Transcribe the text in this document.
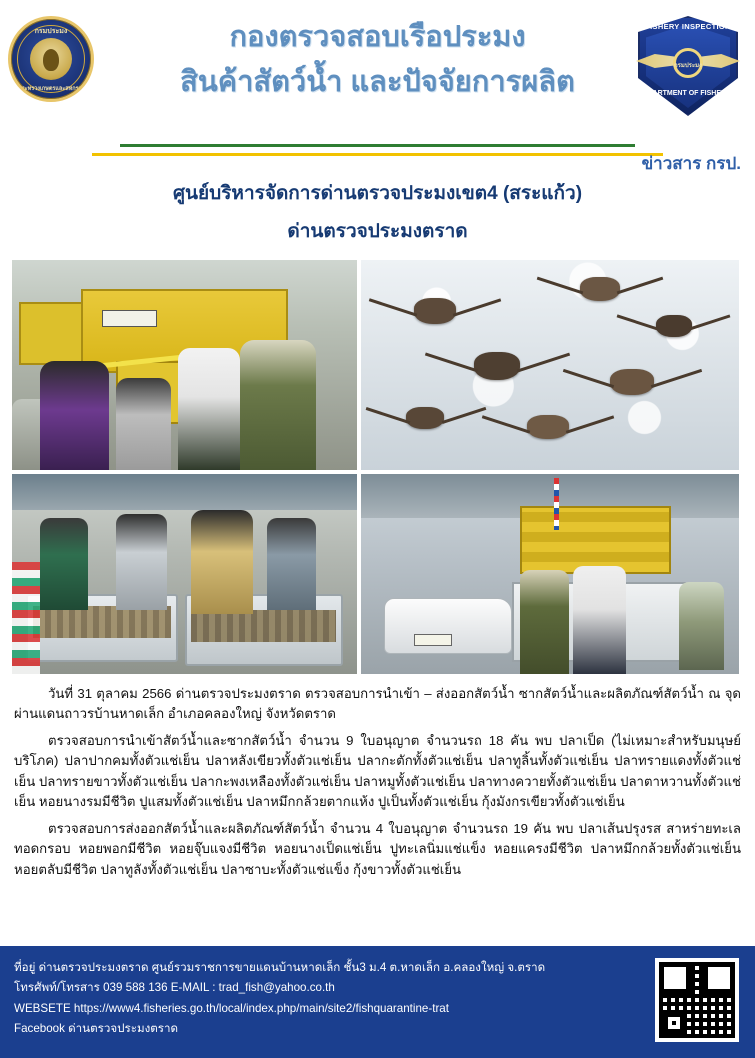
กรมประมง
กระทรวงเกษตรและสหกรณ์
กองตรวจสอบเรือประมง
สินค้าสัตว์น้ำ และปัจจัยการผลิต
FISHERY INSPECTION
กรมประมง
DEPARTMENT OF FISHERIES
ข่าวสาร กรป.
ศูนย์บริหารจัดการด่านตรวจประมงเขต4 (สระแก้ว)
ด่านตรวจประมงตราด

วันที่ 31 ตุลาคม 2566 ด่านตรวจประมงตราด ตรวจสอบการนำเข้า – ส่งออกสัตว์น้ำ ซากสัตว์น้ำและผลิตภัณฑ์สัตว์น้ำ ณ จุดผ่านแดนถาวรบ้านหาดเล็ก อำเภอคลองใหญ่ จังหวัดตราด

ตรวจสอบการนำเข้าสัตว์น้ำและซากสัตว์น้ำ จำนวน 9 ใบอนุญาต จำนวนรถ 18 คัน พบ ปลาเป็ด (ไม่เหมาะสำหรับมนุษย์บริโภค) ปลาปากคมทั้งตัวแช่เย็น ปลาหลังเขียวทั้งตัวแช่เย็น ปลากะตักทั้งตัวแช่เย็น ปลาทูลิ้นทั้งตัวแช่เย็น ปลาทรายแดงทั้งตัวแช่เย็น ปลาทรายขาวทั้งตัวแช่เย็น ปลากะพงเหลืองทั้งตัวแช่เย็น ปลาหมูทั้งตัวแช่เย็น ปลาทางควายทั้งตัวแช่เย็น ปลาตาหวานทั้งตัวแช่เย็น หอยนางรมมีชีวิต ปูแสมทั้งตัวแช่เย็น ปลาหมึกกล้วยตากแห้ง ปูเป็นทั้งตัวแช่เย็น กุ้งมังกรเขียวทั้งตัวแช่เย็น

ตรวจสอบการส่งออกสัตว์น้ำและผลิตภัณฑ์สัตว์น้ำ จำนวน 4 ใบอนุญาต จำนวนรถ 19 คัน พบ ปลาเส้นปรุงรส สาหร่ายทะเลทอดกรอบ หอยพอกมีชีวิต หอยจุ๊บแจงมีชีวิต หอยนางเป็ดแช่เย็น ปูทะเลนิ่มแช่แข็ง หอยแครงมีชีวิต ปลาหมึกกล้วยทั้งตัวแช่เย็น หอยตลับมีชีวิต ปลาทูลังทั้งตัวแช่เย็น ปลาซาบะทั้งตัวแช่แข็ง กุ้งขาวทั้งตัวแช่เย็น

ที่อยู่ ด่านตรวจประมงตราด ศูนย์รวมราชการขายแดนบ้านหาดเล็ก ชั้น3 ม.4 ต.หาดเล็ก อ.คลองใหญ่ จ.ตราด
โทรศัพท์/โทรสาร 039 588 136 E-MAIL : trad_fish@yahoo.co.th
WEBSETE https://www4.fisheries.go.th/local/index.php/main/site2/fishquarantine-trat
Facebook ด่านตรวจประมงตราด
